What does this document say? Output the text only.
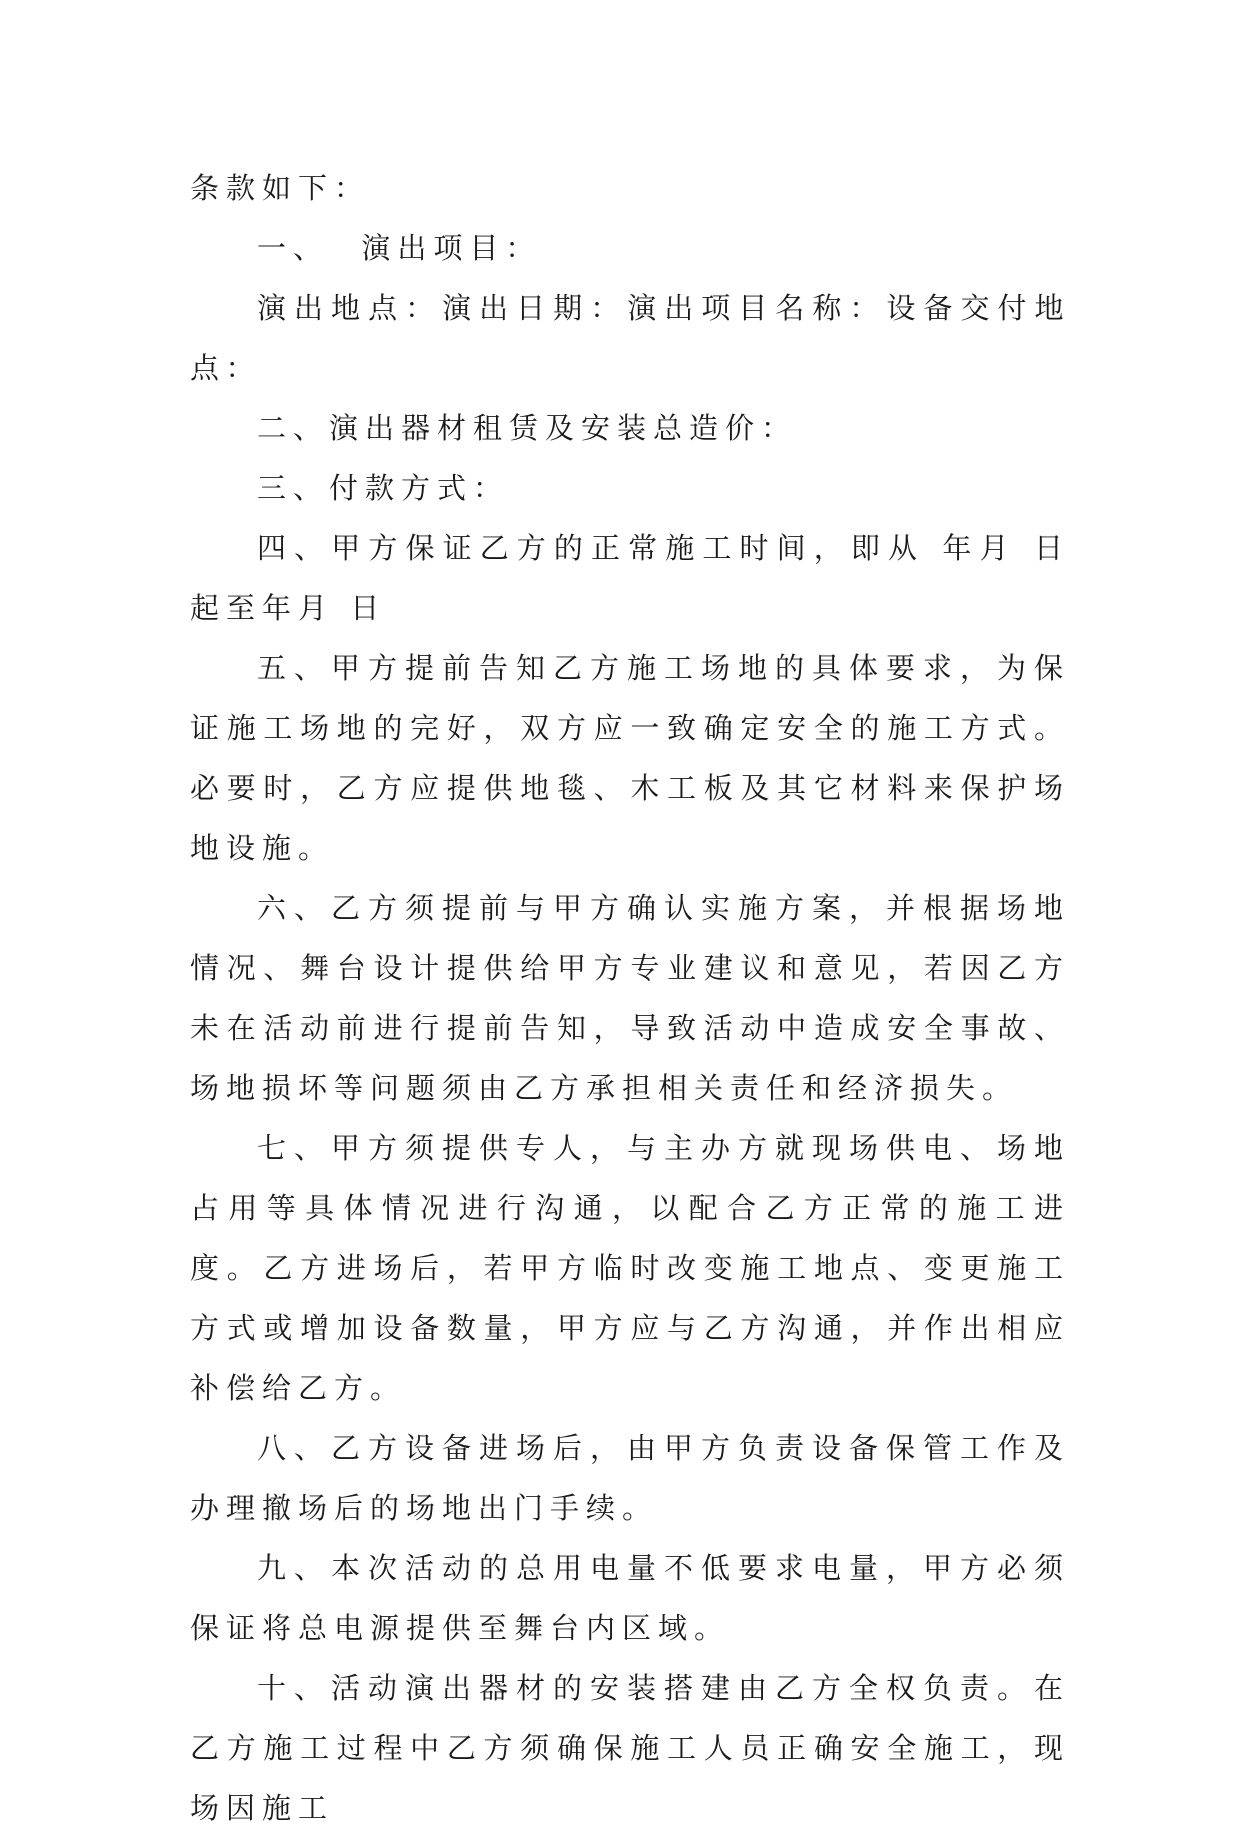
条款如下：

一、  演出项目：

演出地点：演出日期：演出项目名称：设备交付地点：

二、演出器材租赁及安装总造价：

三、付款方式：

四、甲方保证乙方的正常施工时间，即从 年月 日起至年月 日

五、甲方提前告知乙方施工场地的具体要求，为保证施工场地的完好，双方应一致确定安全的施工方式。必要时，乙方应提供地毯、木工板及其它材料来保护场地设施。

六、乙方须提前与甲方确认实施方案，并根据场地情况、舞台设计提供给甲方专业建议和意见，若因乙方未在活动前进行提前告知，导致活动中造成安全事故、场地损坏等问题须由乙方承担相关责任和经济损失。

七、甲方须提供专人，与主办方就现场供电、场地占用等具体情况进行沟通，以配合乙方正常的施工进度。乙方进场后，若甲方临时改变施工地点、变更施工方式或增加设备数量，甲方应与乙方沟通，并作出相应补偿给乙方。

八、乙方设备进场后，由甲方负责设备保管工作及办理撤场后的场地出门手续。

九、本次活动的总用电量不低要求电量，甲方必须保证将总电源提供至舞台内区域。

十、活动演出器材的安装搭建由乙方全权负责。在乙方施工过程中乙方须确保施工人员正确安全施工，现场因施工
